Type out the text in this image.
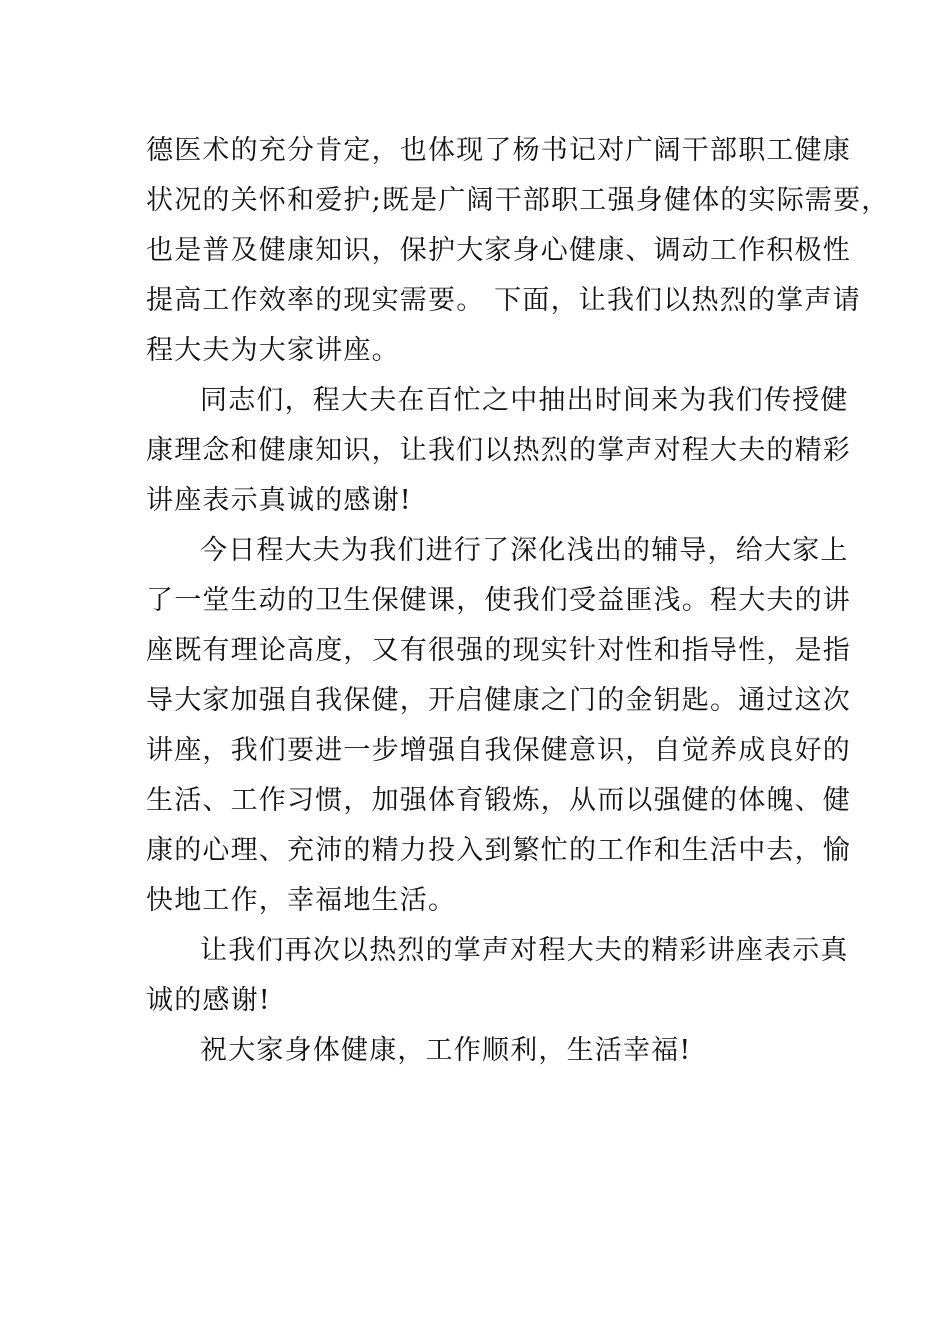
德医术的充分肯定，也体现了杨书记对广阔干部职工健康
状况的关怀和爱护;既是广阔干部职工强身健体的实际需要，
也是普及健康知识，保护大家身心健康、调动工作积极性
提高工作效率的现实需要。 下面，让我们以热烈的掌声请
程大夫为大家讲座。
同志们，程大夫在百忙之中抽出时间来为我们传授健
康理念和健康知识，让我们以热烈的掌声对程大夫的精彩
讲座表示真诚的感谢!
今日程大夫为我们进行了深化浅出的辅导，给大家上
了一堂生动的卫生保健课，使我们受益匪浅。程大夫的讲
座既有理论高度，又有很强的现实针对性和指导性，是指
导大家加强自我保健，开启健康之门的金钥匙。通过这次
讲座，我们要进一步增强自我保健意识，自觉养成良好的
生活、工作习惯，加强体育锻炼，从而以强健的体魄、健
康的心理、充沛的精力投入到繁忙的工作和生活中去，愉
快地工作，幸福地生活。
让我们再次以热烈的掌声对程大夫的精彩讲座表示真
诚的感谢!
祝大家身体健康，工作顺利，生活幸福!
